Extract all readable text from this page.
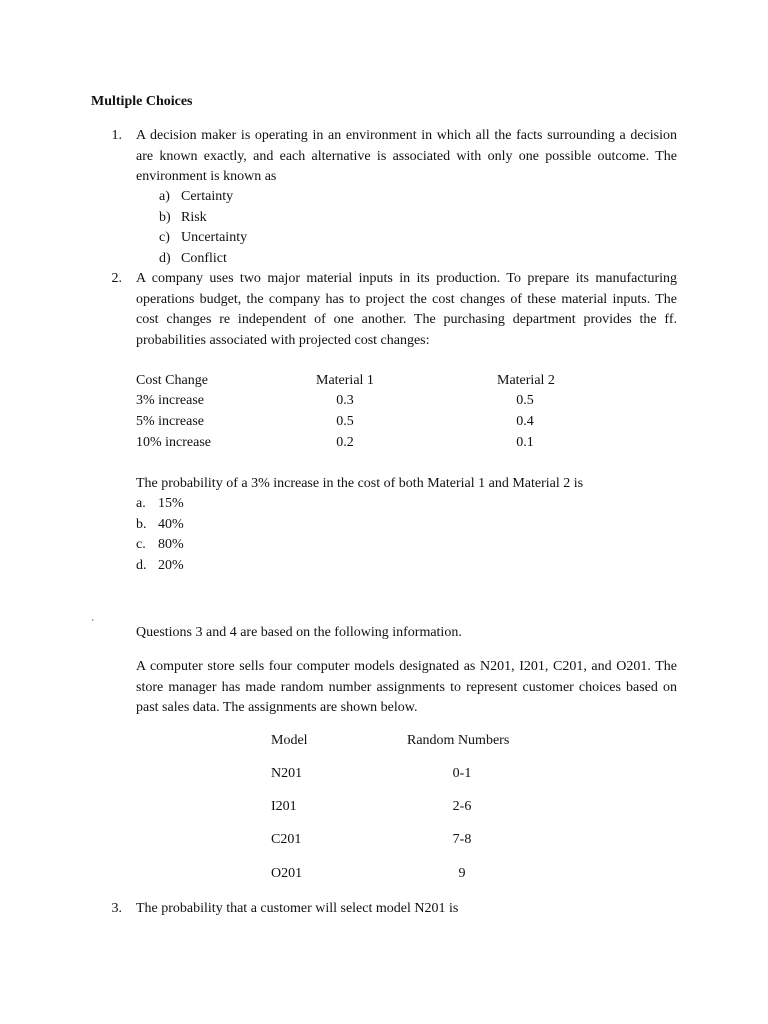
Multiple Choices
1. A decision maker is operating in an environment in which all the facts surrounding a decision are known exactly, and each alternative is associated with only one possible outcome. The environment is known as
a) Certainty
b) Risk
c) Uncertainty
d) Conflict
2. A company uses two major material inputs in its production. To prepare its manufacturing operations budget, the company has to project the cost changes of these material inputs. The cost changes re independent of one another. The purchasing department provides the ff. probabilities associated with projected cost changes:
Cost Change	Material 1	Material 2
3% increase	0.3	0.5
5% increase	0.5	0.4
10% increase	0.2	0.1
The probability of a 3% increase in the cost of both Material 1 and Material 2 is
a. 15%
b. 40%
c. 80%
d. 20%
`
Questions 3 and 4 are based on the following information.
A computer store sells four computer models designated as N201, I201, C201, and O201. The store manager has made random number assignments to represent customer choices based on past sales data. The assignments are shown below.
Model	Random Numbers
N201	0-1
I201	2-6
C201	7-8
O201	9
3. The probability that a customer will select model N201 is
